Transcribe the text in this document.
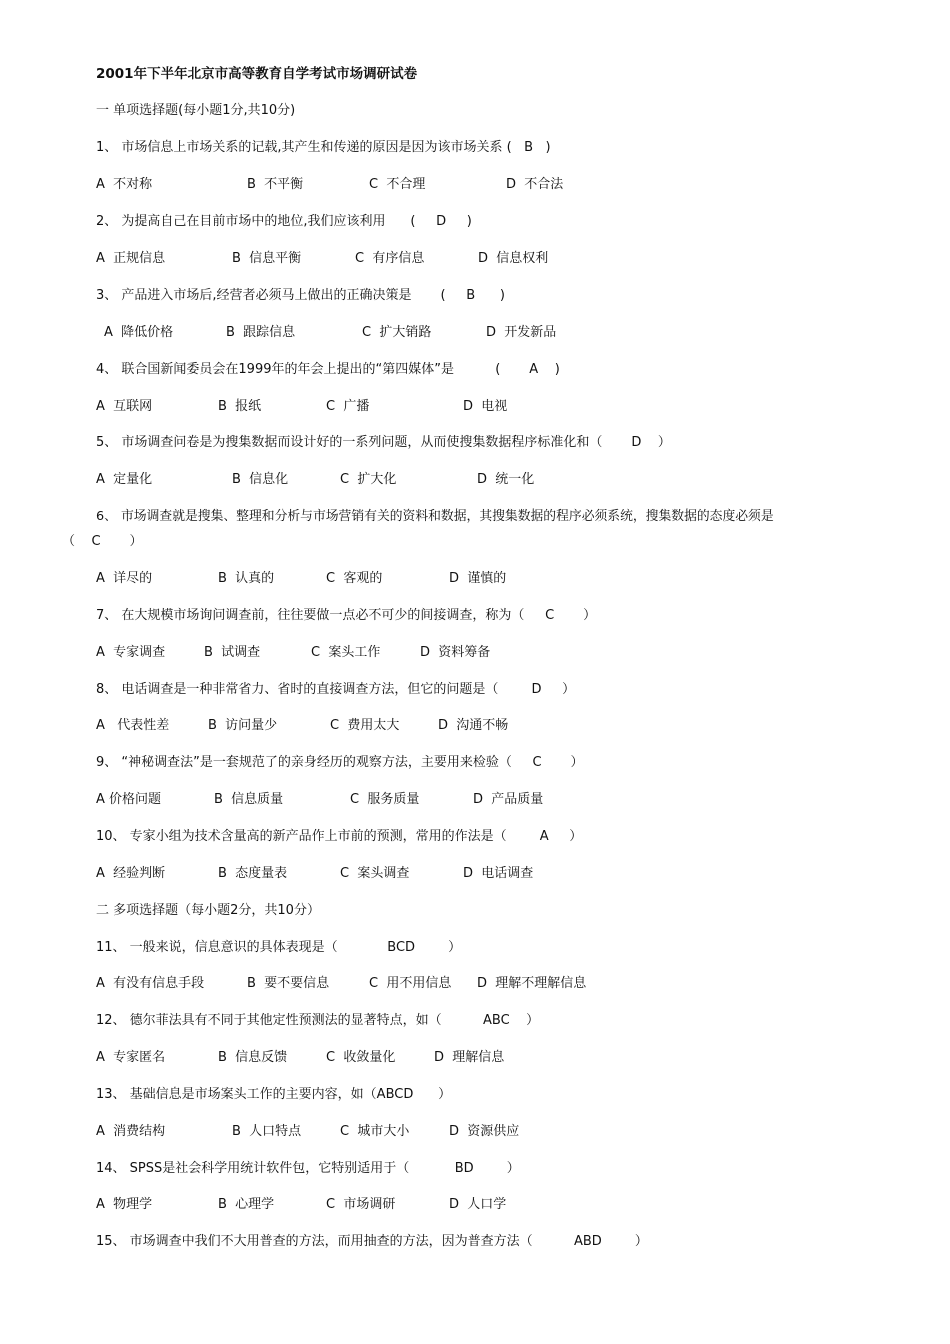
2001年下半年北京市高等教育自学考试市场调研试卷
一 单项选择题(每小题1分,共10分)
1、 市场信息上市场关系的记载,其产生和传递的原因是因为该市场关系 (   B   )
A  不对称	B  不平衡	C  不合理	D  不合法
2、 为提高自己在目前市场中的地位,我们应该利用      (     D     )
A  正规信息	B  信息平衡	C  有序信息	D  信息权利
3、 产品进入市场后,经营者必须马上做出的正确决策是       (     B      )
A  降低价格	B  跟踪信息	C  扩大销路	D  开发新品
4、 联合国新闻委员会在1999年的年会上提出的“第四媒体”是          (       A    )
A  互联网	B  报纸	C  广播	D  电视
5、 市场调查问卷是为搜集数据而设计好的一系列问题，从而使搜集数据程序标准化和（       D    ）
A  定量化	B  信息化	C  扩大化	D  统一化
6、 市场调查就是搜集、整理和分析与市场营销有关的资料和数据，其搜集数据的程序必须系统，搜集数据的态度必须是
（    C       ）
A  详尽的	B  认真的	C  客观的	D  谨慎的
7、 在大规模市场询问调查前，往往要做一点必不可少的间接调查，称为（     C       ）
A  专家调查	B  试调查	C  案头工作	D  资料筹备
8、 电话调查是一种非常省力、省时的直接调查方法，但它的问题是（        D     ）
A   代表性差	B  访问量少	C  费用太大	D  沟通不畅
9、 “神秘调查法”是一套规范了的亲身经历的观察方法，主要用来检验（     C       ）
A 价格问题	B  信息质量	C  服务质量	D  产品质量
10、 专家小组为技术含量高的新产品作上市前的预测，常用的作法是（        A     ）
A  经验判断	B  态度量表	C  案头调查	D  电话调查
二 多项选择题（每小题2分，共10分）
11、 一般来说，信息意识的具体表现是（            BCD        ）
A  有没有信息手段	B  要不要信息	C  用不用信息 D  理解不理解信息
12、 德尔菲法具有不同于其他定性预测法的显著特点，如（          ABC    ）
A  专家匿名	B  信息反馈	C  收敛量化	D  理解信息
13、 基础信息是市场案头工作的主要内容，如（ABCD      ）
A  消费结构	B  人口特点	C  城市大小	D  资源供应
14、 SPSS是社会科学用统计软件包，它特别适用于（           BD        ）
A  物理学	B  心理学	C  市场调研	D  人口学
15、 市场调查中我们不大用普查的方法，而用抽查的方法，因为普查方法（          ABD        ）
